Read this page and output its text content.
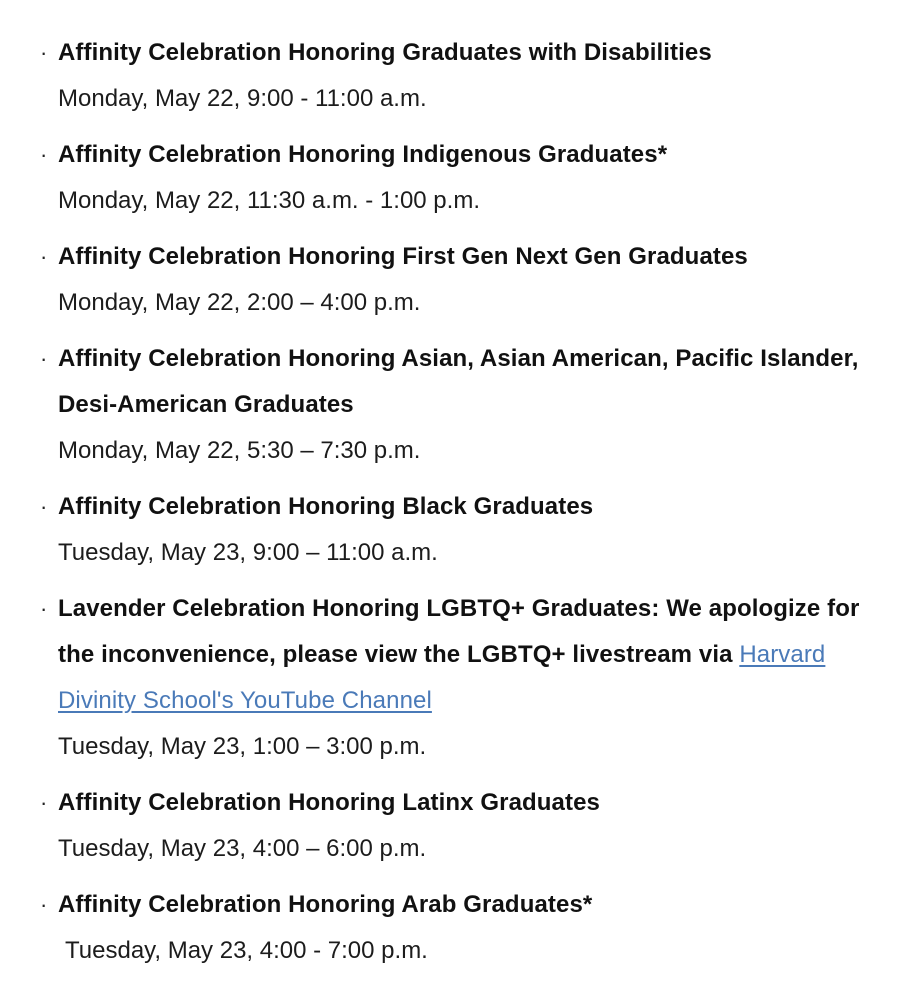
· Affinity Celebration Honoring Graduates with Disabilities
Monday, May 22, 9:00 - 11:00 a.m.
· Affinity Celebration Honoring Indigenous Graduates*
Monday, May 22, 11:30 a.m. - 1:00 p.m.
· Affinity Celebration Honoring First Gen Next Gen Graduates
Monday, May 22, 2:00 – 4:00 p.m.
· Affinity Celebration Honoring Asian, Asian American, Pacific Islander, Desi-American Graduates
Monday, May 22, 5:30 – 7:30 p.m.
· Affinity Celebration Honoring Black Graduates
Tuesday, May 23, 9:00 – 11:00 a.m.
· Lavender Celebration Honoring LGBTQ+ Graduates: We apologize for the inconvenience, please view the LGBTQ+ livestream via Harvard Divinity School's YouTube Channel
Tuesday, May 23, 1:00 – 3:00 p.m.
· Affinity Celebration Honoring Latinx Graduates
Tuesday, May 23, 4:00 – 6:00 p.m.
· Affinity Celebration Honoring Arab Graduates*
Tuesday, May 23, 4:00 - 7:00 p.m.
